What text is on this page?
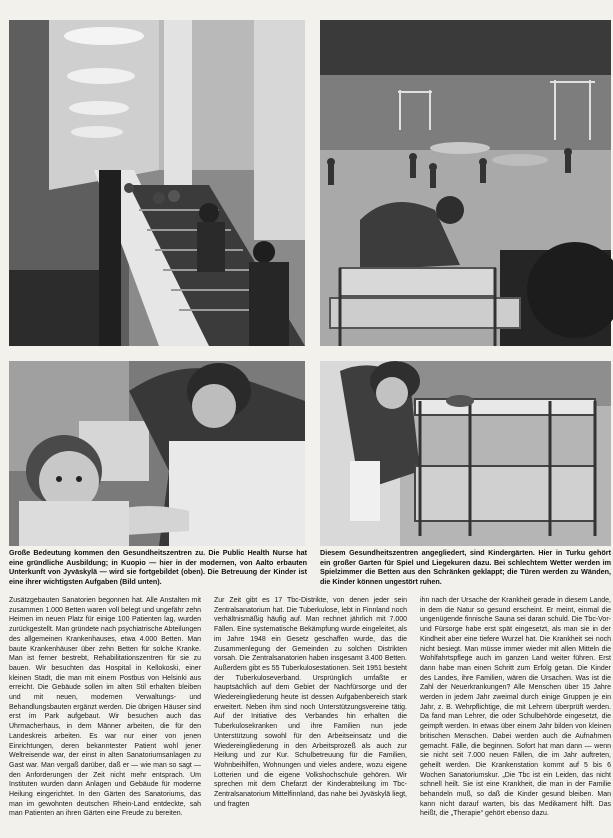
Große Bedeutung kommen den Gesundheitszentren zu. Die Public Health Nurse hat eine gründliche Ausbildung; in Kuopio — hier in der modernen, von Aalto erbauten Unterkunft von Jyväskylä — wird sie fortgebildet (oben). Die Betreuung der Kinder ist eine ihrer wichtigsten Aufgaben (Bild unten).

Diesem Gesundheitszentren angegliedert, sind Kindergärten. Hier in Turku gehört ein großer Garten für Spiel und Liegekuren dazu. Bei schlechtem Wetter werden im Spielzimmer die Betten aus den Schränken geklappt; die Türen werden zu Wänden, die Kinder können ungestört ruhen.

Zusätzgebauten Sanatorien begonnen hat. Alle Anstalten mit zusammen 1.000 Betten waren voll belegt und ungefähr zehn Heimen im neuen Platz für einige 100 Patienten lag, wurden zurückgestellt. Man gründete nach psychiatrische Abteilungen des allgemeinen Krankenhauses, etwa 4.000 Betten. Man baute Krankenhäuser über zehn Betten für solche Kranke. Man ist ferner bestrebt, Rehabilitationszentren für sie zu bauen. Wir besuchten das Hospital in Kellokoski, einer kleinen Stadt, die man mit einem Postbus von Helsinki aus erreicht. Die Gebäude sollen im alten Stil erhalten bleiben und mit neuen, modernen Verwaltungs- und Behandlungsbauten ergänzt werden. Die übrigen Häuser sind erst im Park aufgebaut. Wir besuchen auch das Uhrmacherhaus, in dem Männer arbeiten, die für den Landeskreis arbeiten. Es war nur einer von jenen Einrichtungen, deren bekanntester Patient wohl jener Weltreisende war, der einst in alten Sanatoriumsanlagen zu Gast war. Man vergaß darüber, daß er — wie man so sagt — den Anforderungen der Zeit nicht mehr entsprach. Um Instituten wurden dann Anlagen und Gebäude für moderne Heilung eingerichtet. In den Gärten des Sanatoriums, das man im gewohnten deutschen Rhein-Land entdeckte, sah man Patienten an ihren Gärten eine Freude zu bereiten.

Zur Zeit gibt es 17 Tbc-Distrikte, von denen jeder sein Zentralsanatorium hat. Die Tuberkulose, lebt in Finnland noch verhältnismäßig häufig auf. Man rechnet jährlich mit 7.000 Fällen. Eine systematische Bekämpfung wurde eingeleitet, als im Jahre 1948 ein Gesetz geschaffen wurde, das die Zusammenlegung der Gemeinden zu solchen Distrikten vorsah. Die Zentralsanatorien haben insgesamt 3.400 Betten. Außerdem gibt es 55 Tuberkulosestationen. Seit 1951 besteht der Tuberkuloseverband. Ursprünglich umfaßte er hauptsächlich auf dem Gebiet der Nachfürsorge und der Wiedereingliederung heute ist dessen Aufgabenbereich stark erweitert. Neben ihm sind noch Unterstützungsvereine tätig. Auf der Initiative des Verbandes hin erhalten die Tuberkulosekranken und ihre Familien nun jede Unterstützung sowohl für den Arbeitseinsatz und die Wiedereingliederung in den Arbeitsprozeß als auch zur Heilung und zur Kur. Schulbetreuung für die Familien, Wohnbeihilfen, Wohnungen und vieles andere, wozu eigene Lotterien und die eigene Volkshochschule gehören. Wir sprechen mit dem Chefarzt der Kinderabteilung im Tbc-Zentralsanatorium Mittelfinnland, das nahe bei Jyväskylä liegt, und fragten

ihn nach der Ursache der Krankheit gerade in diesem Lande, in dem die Natur so gesund erscheint. Er meint, einmal die ungenügende finnische Sauna sei daran schuld. Die Tbc-Vor- und Fürsorge habe erst spät eingesetzt, als man sie in der Kindheit aber eine tiefere Wurzel hat. Die Krankheit sei noch nicht besiegt. Man müsse immer wieder mit allen Mitteln die Wohlfahrtspflege auch im ganzen Land weiter führen. Erst dann habe man einen Schritt zum Erfolg getan. Die Kinder des Landes, ihre Familien, wären die Ursachen. Was ist die Zahl der Neuerkrankungen? Alle Menschen über 15 Jahre werden in jedem Jahr zweimal durch einige Gruppen je ein Jahr, z. B. Wehrpflichtige, die mit Lehrern überprüft werden. Da fand man Lehrer, die oder Schulbehörde eingesetzt, die geimpft werden. In etwas über einem Jahr bilden von kleinen britischen Menschen. Dabei werden auch die Aufnahmen gemacht. Fälle, die beginnen. Sofort hat man dann — wenn sie nicht seit 7.000 neuen Fällen, die im Jahr auftreten, geheilt werden. Die Krankenstation kommt auf 5 bis 6 Wochen Sanatoriumskur. „Die Tbc ist ein Leiden, das nicht schnell heilt. Sie ist eine Krankheit, die man in der Familie behandeln muß, so daß die Kinder gesund bleiben. Man kann nicht darauf warten, bis das Medikament hilft. Das heißt, die „Therapie“ gehört ebenso dazu.
